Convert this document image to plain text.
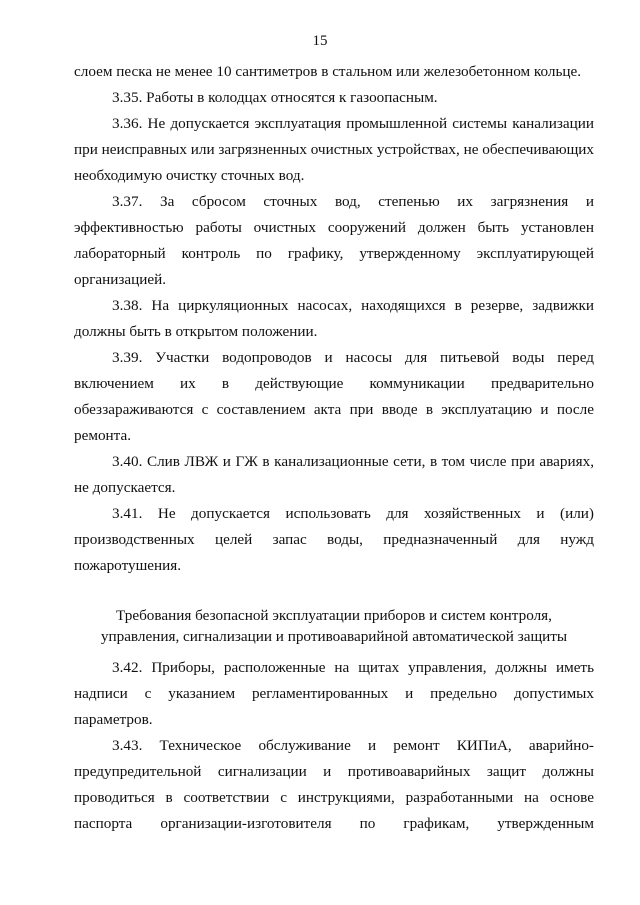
15

слоем песка не менее 10 сантиметров в стальном или железобетонном кольце.

3.35. Работы в колодцах относятся к газоопасным.

3.36. Не допускается эксплуатация промышленной системы канализации при неисправных или загрязненных очистных устройствах, не обеспечивающих необходимую очистку сточных вод.

3.37. За сбросом сточных вод, степенью их загрязнения и эффективностью работы очистных сооружений должен быть установлен лабораторный контроль по графику, утвержденному эксплуатирующей организацией.

3.38. На циркуляционных насосах, находящихся в резерве, задвижки должны быть в открытом положении.

3.39. Участки водопроводов и насосы для питьевой воды перед включением их в действующие коммуникации предварительно обеззараживаются с составлением акта при вводе в эксплуатацию и после ремонта.

3.40. Слив ЛВЖ и ГЖ в канализационные сети, в том числе при авариях, не допускается.

3.41. Не допускается использовать для хозяйственных и (или) производственных целей запас воды, предназначенный для нужд пожаротушения.

Требования безопасной эксплуатации приборов и систем контроля,
управления, сигнализации и противоаварийной автоматической защиты

3.42. Приборы, расположенные на щитах управления, должны иметь надписи с указанием регламентированных и предельно допустимых параметров.

3.43. Техническое обслуживание и ремонт КИПиА, аварийно-предупредительной сигнализации и противоаварийных защит должны проводиться в соответствии с инструкциями, разработанными на основе паспорта организации-изготовителя по графикам, утвержденным
